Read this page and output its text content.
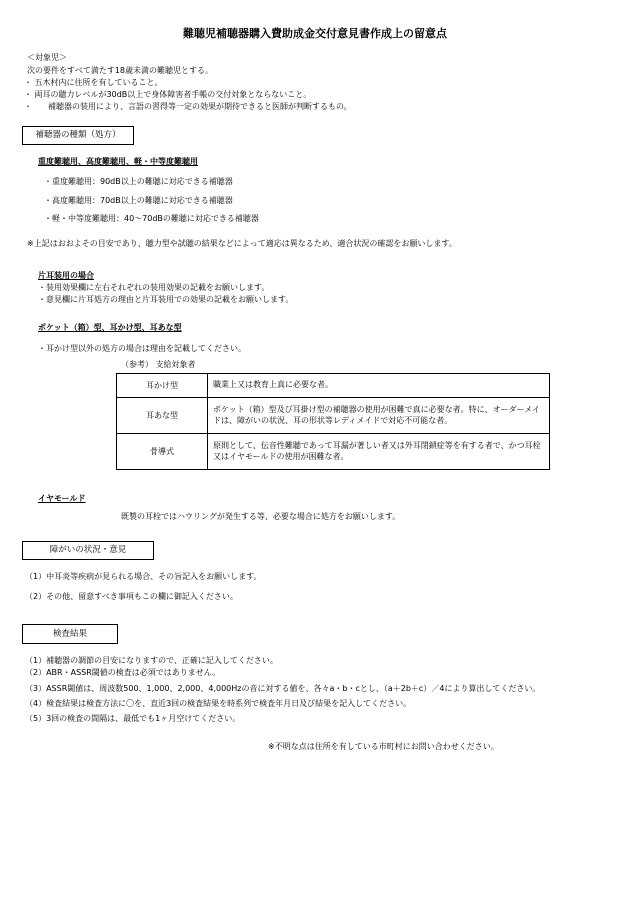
難聴児補聴器購入費助成金交付意見書作成上の留意点
＜対象児＞
次の要件をすべて満たす18歳未満の難聴児とする。
・ 五木村内に住所を有していること。
・ 両耳の聴力レベルが30dB以上で身体障害者手帳の交付対象とならないこと。
・　　補聴器の装用により、言語の習得等一定の効果が期待できると医師が判断するもの。
補聴器の種類（処方）
重度難聴用、高度難聴用、軽・中等度難聴用
・重度難聴用：90dB以上の難聴に対応できる補聴器
・高度難聴用：70dB以上の難聴に対応できる補聴器
・軽・中等度難聴用：40～70dBの難聴に対応できる補聴器
※上記はおおよその目安であり、聴力型や試聴の結果などによって適応は異なるため、適合状況の確認をお願いします。
片耳装用の場合
・装用効果欄に左右それぞれの装用効果の記載をお願いします。
・意見欄に片耳処方の理由と片耳装用での効果の記載をお願いします。
ポケット（箱）型、耳かけ型、耳あな型
・耳かけ型以外の処方の場合は理由を記載してください。
（参考） 支給対象者
耳かけ型	職業上又は教育上真に必要な者。
耳あな型	ポケット（箱）型及び耳掛け型の補聴器の使用が困難で真に必要な者。特に、オーダーメイドは、障がいの状況、耳の形状等レディメイドで対応不可能な者。
骨導式	原則として、伝音性難聴であって耳漏が著しい者又は外耳閉鎖症等を有する者で、かつ耳栓又はイヤモールドの使用が困難な者。
イヤモールド
既製の耳栓ではハウリングが発生する等、必要な場合に処方をお願いします。
障がいの状況・意見
（1）中耳炎等疾病が見られる場合、その旨記入をお願いします。
（2）その他、留意すべき事項もこの欄に御記入ください。
検査結果
（1）補聴器の調節の目安になりますので、正確に記入してください。
（2）ABR・ASSR閾値の検査は必須ではありません。
（3）ASSR閾値は、周波数500、1,000、2,000、4,000Hzの音に対する値を、各々a・b・cとし、（a＋2b＋c）／4により算出してください。
（4）検査結果は検査方法に〇を、直近3回の検査結果を時系列で検査年月日及び結果を記入してください。
（5）3回の検査の間隔は、最低でも1ヶ月空けてください。
※不明な点は住所を有している市町村にお問い合わせください。
